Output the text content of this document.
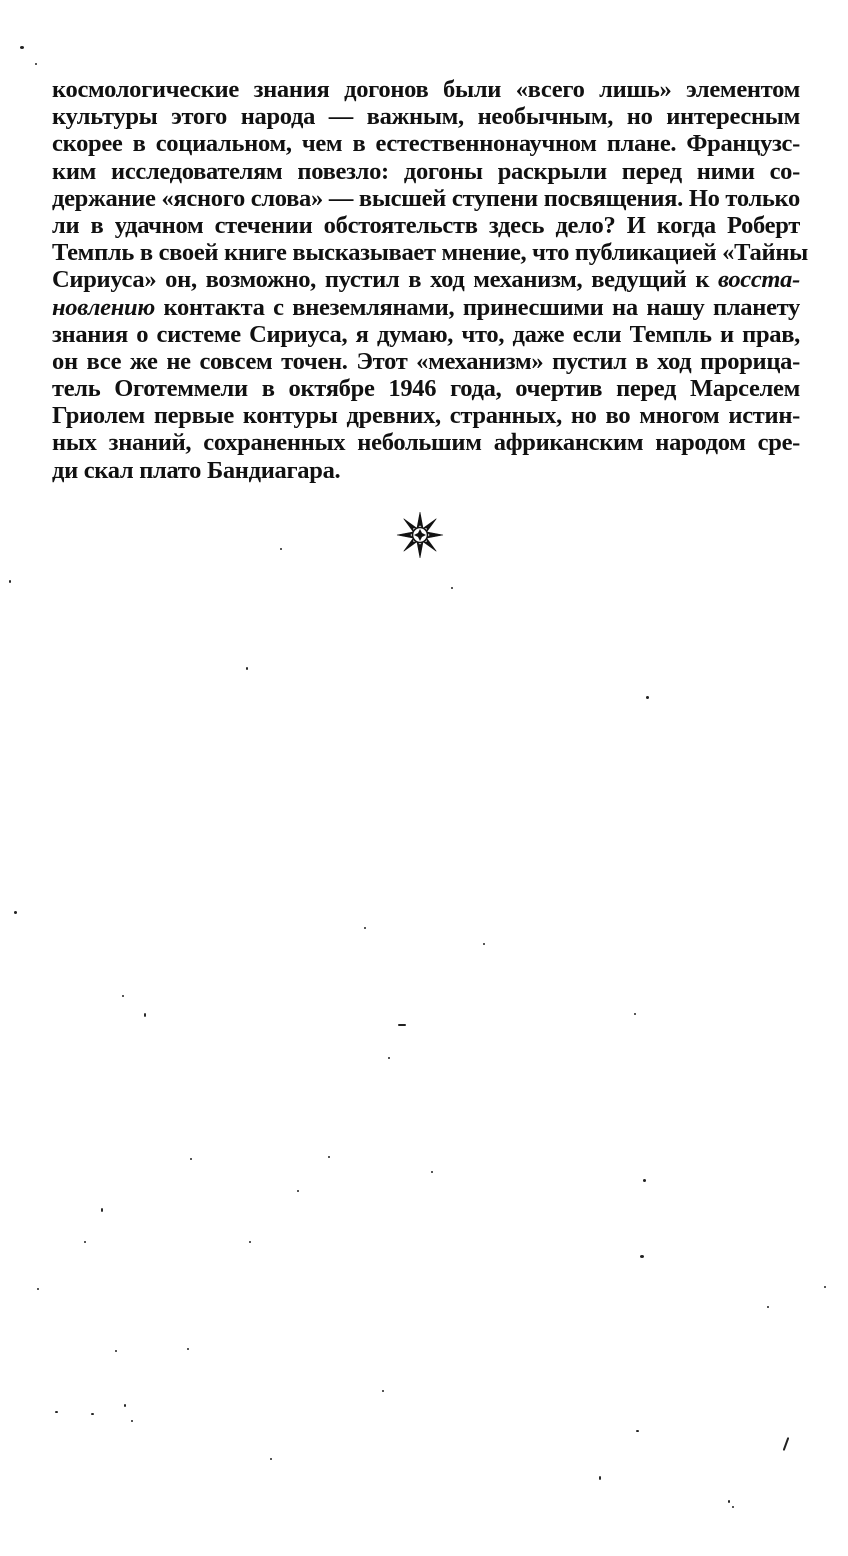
космологические знания догонов были «всего лишь» элементом
культуры этого народа — важным, необычным, но интересным
скорее в социальном, чем в естественнонаучном плане. Французс-
ким исследователям повезло: догоны раскрыли перед ними со-
держание «ясного слова» — высшей ступени посвящения. Но только
ли в удачном стечении обстоятельств здесь дело? И когда Роберт
Темпль в своей книге высказывает мнение, что публикацией «Тайны
Сириуса» он, возможно, пустил в ход механизм, ведущий к восста-
новлению контакта с внеземлянами, принесшими на нашу планету
знания о системе Сириуса, я думаю, что, даже если Темпль и прав,
он все же не совсем точен. Этот «механизм» пустил в ход прорица-
тель Оготеммели в октябре 1946 года, очертив перед Марселем
Гриолем первые контуры древних, странных, но во многом истин-
ных знаний, сохраненных небольшим африканским народом сре-
ди скал плато Бандиагара.
